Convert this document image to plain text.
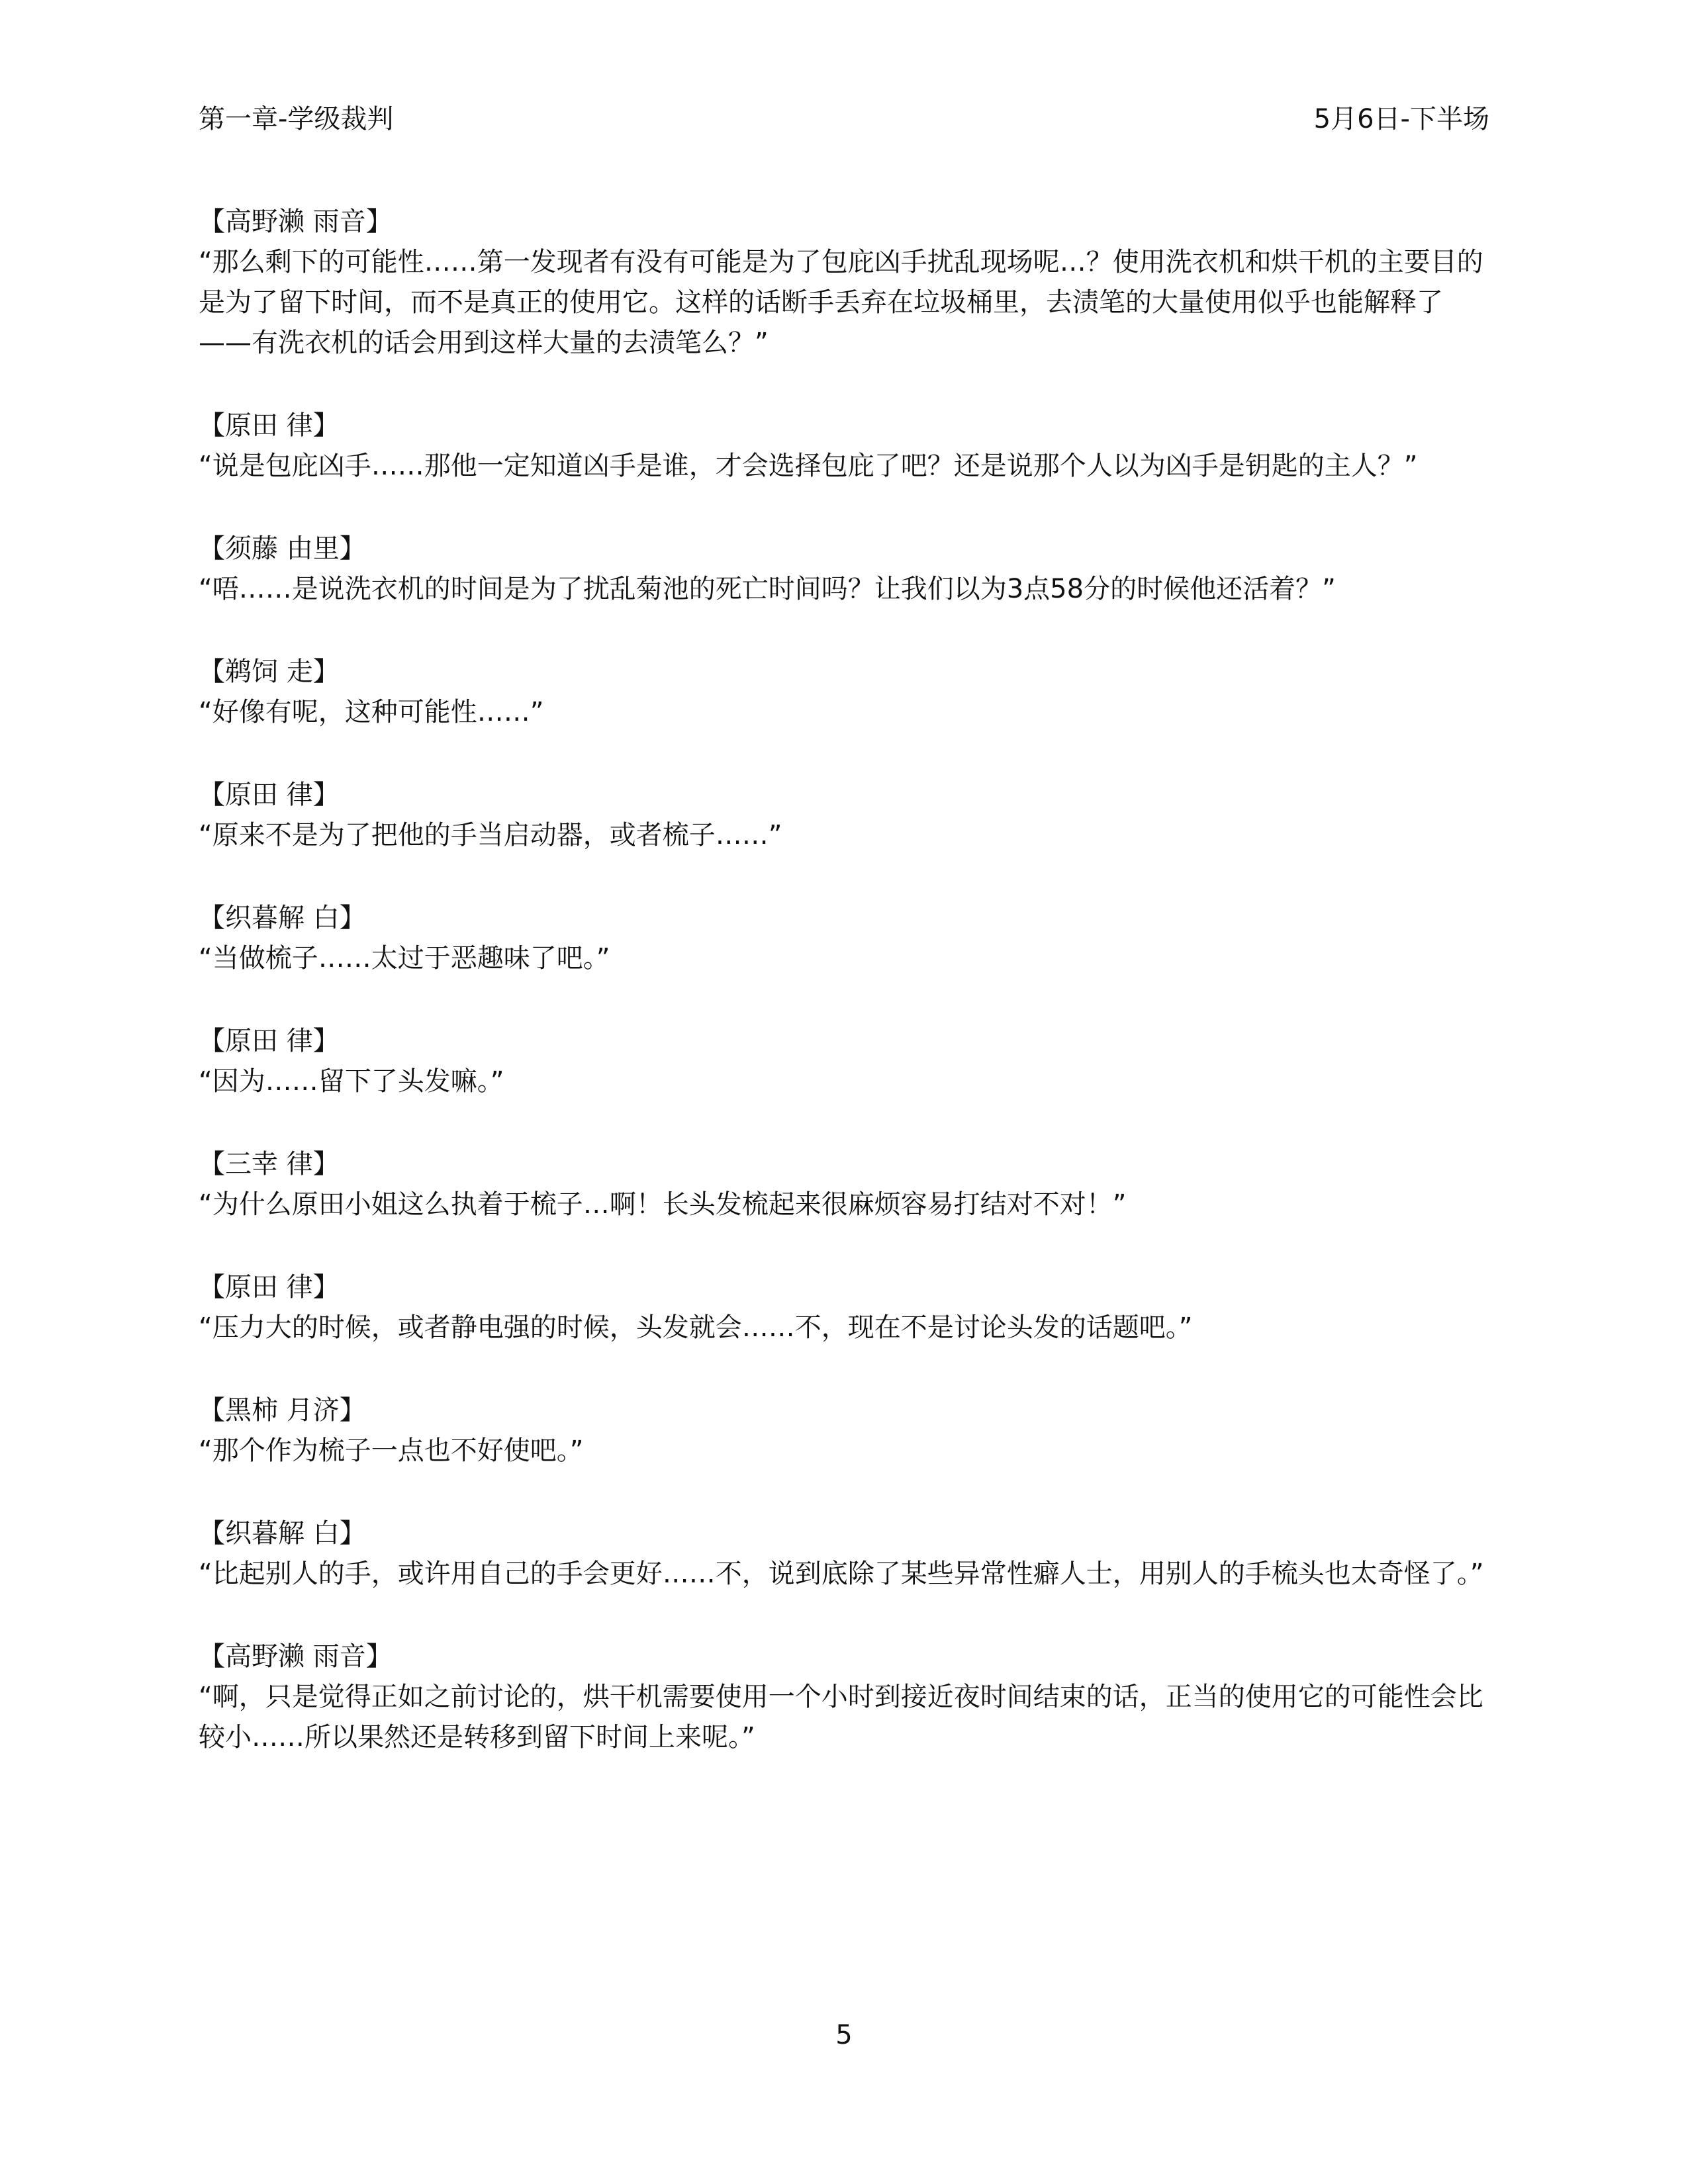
第一章-学级裁判	5月6日-下半场
【高野濑 雨音】
“那么剩下的可能性……第一发现者有没有可能是为了包庇凶手扰乱现场呢…？使用洗衣机和烘干机的主要目的是为了留下时间，而不是真正的使用它。这样的话断手丢弃在垃圾桶里，去渍笔的大量使用似乎也能解释了——有洗衣机的话会用到这样大量的去渍笔么？”
【原田 律】
“说是包庇凶手……那他一定知道凶手是谁，才会选择包庇了吧？还是说那个人以为凶手是钥匙的主人？”
【须藤 由里】
“唔……是说洗衣机的时间是为了扰乱菊池的死亡时间吗？让我们以为3点58分的时候他还活着？”
【鹈饲 走】
“好像有呢，这种可能性……”
【原田 律】
“原来不是为了把他的手当启动器，或者梳子……”
【织暮解 白】
“当做梳子……太过于恶趣味了吧。”
【原田 律】
“因为……留下了头发嘛。”
【三幸 律】
“为什么原田小姐这么执着于梳子…啊！长头发梳起来很麻烦容易打结对不对！”
【原田 律】
“压力大的时候，或者静电强的时候，头发就会……不，现在不是讨论头发的话题吧。”
【黑柿 月济】
“那个作为梳子一点也不好使吧。”
【织暮解 白】
“比起别人的手，或许用自己的手会更好……不，说到底除了某些异常性癖人士，用别人的手梳头也太奇怪了。”
【高野濑 雨音】
“啊，只是觉得正如之前讨论的，烘干机需要使用一个小时到接近夜时间结束的话，正当的使用它的可能性会比较小……所以果然还是转移到留下时间上来呢。”
5
